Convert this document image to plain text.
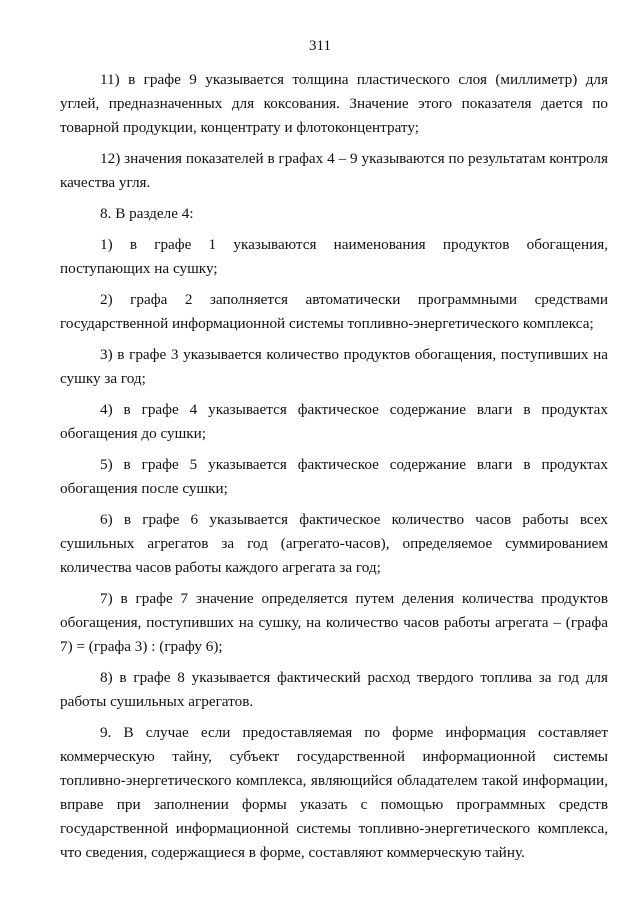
311

11) в графе 9 указывается толщина пластического слоя (миллиметр) для углей, предназначенных для коксования. Значение этого показателя дается по товарной продукции, концентрату и флотоконцентрату;

12) значения показателей в графах 4 – 9 указываются по результатам контроля качества угля.

8. В разделе 4:

1) в графе 1 указываются наименования продуктов обогащения, поступающих на сушку;

2) графа 2 заполняется автоматически программными средствами государственной информационной системы топливно-энергетического комплекса;

3) в графе 3 указывается количество продуктов обогащения, поступивших на сушку за год;

4) в графе 4 указывается фактическое содержание влаги в продуктах обогащения до сушки;

5) в графе 5 указывается фактическое содержание влаги в продуктах обогащения после сушки;

6) в графе 6 указывается фактическое количество часов работы всех сушильных агрегатов за год (агрегато-часов), определяемое суммированием количества часов работы каждого агрегата за год;

7) в графе 7 значение определяется путем деления количества продуктов обогащения, поступивших на сушку, на количество часов работы агрегата – (графа 7) = (графа 3) : (графу 6);

8) в графе 8 указывается фактический расход твердого топлива за год для работы сушильных агрегатов.

9. В случае если предоставляемая по форме информация составляет коммерческую тайну, субъект государственной информационной системы топливно-энергетического комплекса, являющийся обладателем такой информации, вправе при заполнении формы указать с помощью программных средств государственной информационной системы топливно-энергетического комплекса, что сведения, содержащиеся в форме, составляют коммерческую тайну.
